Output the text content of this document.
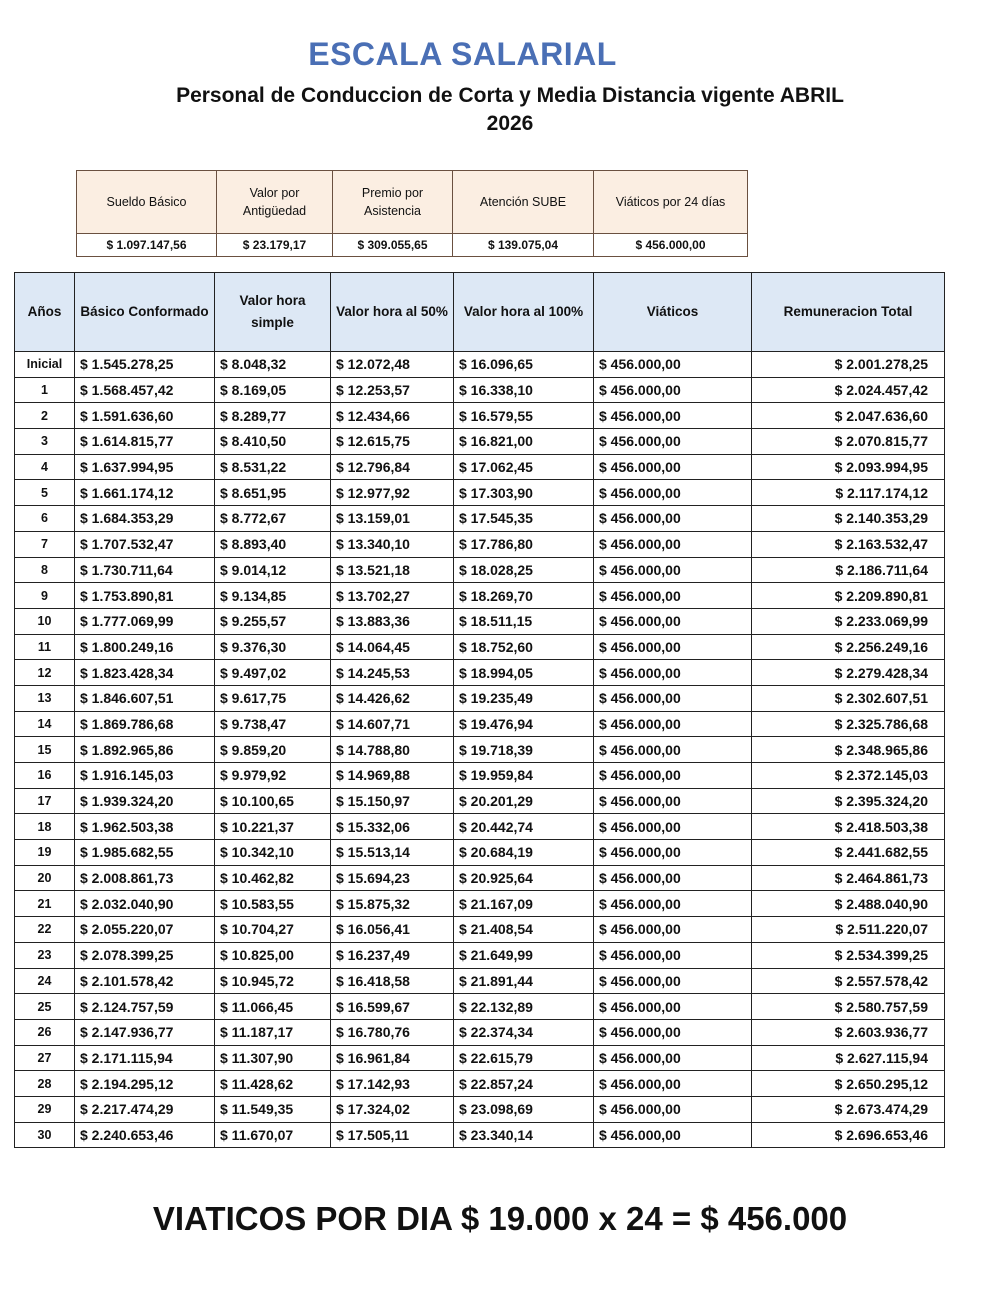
ESCALA SALARIAL
Personal de Conduccion de Corta y Media Distancia vigente ABRIL
2026
Sueldo Básico	Valor por Antigüedad	Premio por Asistencia	Atención SUBE	Viáticos por 24 días
$ 1.097.147,56	$ 23.179,17	$ 309.055,65	$ 139.075,04	$ 456.000,00
Años	Básico Conformado	Valor hora simple	Valor hora al 50%	Valor hora al 100%	Viáticos	Remuneracion Total
Inicial	$ 1.545.278,25	$ 8.048,32	$ 12.072,48	$ 16.096,65	$ 456.000,00	$ 2.001.278,25
1	$ 1.568.457,42	$ 8.169,05	$ 12.253,57	$ 16.338,10	$ 456.000,00	$ 2.024.457,42
2	$ 1.591.636,60	$ 8.289,77	$ 12.434,66	$ 16.579,55	$ 456.000,00	$ 2.047.636,60
3	$ 1.614.815,77	$ 8.410,50	$ 12.615,75	$ 16.821,00	$ 456.000,00	$ 2.070.815,77
4	$ 1.637.994,95	$ 8.531,22	$ 12.796,84	$ 17.062,45	$ 456.000,00	$ 2.093.994,95
5	$ 1.661.174,12	$ 8.651,95	$ 12.977,92	$ 17.303,90	$ 456.000,00	$ 2.117.174,12
6	$ 1.684.353,29	$ 8.772,67	$ 13.159,01	$ 17.545,35	$ 456.000,00	$ 2.140.353,29
7	$ 1.707.532,47	$ 8.893,40	$ 13.340,10	$ 17.786,80	$ 456.000,00	$ 2.163.532,47
8	$ 1.730.711,64	$ 9.014,12	$ 13.521,18	$ 18.028,25	$ 456.000,00	$ 2.186.711,64
9	$ 1.753.890,81	$ 9.134,85	$ 13.702,27	$ 18.269,70	$ 456.000,00	$ 2.209.890,81
10	$ 1.777.069,99	$ 9.255,57	$ 13.883,36	$ 18.511,15	$ 456.000,00	$ 2.233.069,99
11	$ 1.800.249,16	$ 9.376,30	$ 14.064,45	$ 18.752,60	$ 456.000,00	$ 2.256.249,16
12	$ 1.823.428,34	$ 9.497,02	$ 14.245,53	$ 18.994,05	$ 456.000,00	$ 2.279.428,34
13	$ 1.846.607,51	$ 9.617,75	$ 14.426,62	$ 19.235,49	$ 456.000,00	$ 2.302.607,51
14	$ 1.869.786,68	$ 9.738,47	$ 14.607,71	$ 19.476,94	$ 456.000,00	$ 2.325.786,68
15	$ 1.892.965,86	$ 9.859,20	$ 14.788,80	$ 19.718,39	$ 456.000,00	$ 2.348.965,86
16	$ 1.916.145,03	$ 9.979,92	$ 14.969,88	$ 19.959,84	$ 456.000,00	$ 2.372.145,03
17	$ 1.939.324,20	$ 10.100,65	$ 15.150,97	$ 20.201,29	$ 456.000,00	$ 2.395.324,20
18	$ 1.962.503,38	$ 10.221,37	$ 15.332,06	$ 20.442,74	$ 456.000,00	$ 2.418.503,38
19	$ 1.985.682,55	$ 10.342,10	$ 15.513,14	$ 20.684,19	$ 456.000,00	$ 2.441.682,55
20	$ 2.008.861,73	$ 10.462,82	$ 15.694,23	$ 20.925,64	$ 456.000,00	$ 2.464.861,73
21	$ 2.032.040,90	$ 10.583,55	$ 15.875,32	$ 21.167,09	$ 456.000,00	$ 2.488.040,90
22	$ 2.055.220,07	$ 10.704,27	$ 16.056,41	$ 21.408,54	$ 456.000,00	$ 2.511.220,07
23	$ 2.078.399,25	$ 10.825,00	$ 16.237,49	$ 21.649,99	$ 456.000,00	$ 2.534.399,25
24	$ 2.101.578,42	$ 10.945,72	$ 16.418,58	$ 21.891,44	$ 456.000,00	$ 2.557.578,42
25	$ 2.124.757,59	$ 11.066,45	$ 16.599,67	$ 22.132,89	$ 456.000,00	$ 2.580.757,59
26	$ 2.147.936,77	$ 11.187,17	$ 16.780,76	$ 22.374,34	$ 456.000,00	$ 2.603.936,77
27	$ 2.171.115,94	$ 11.307,90	$ 16.961,84	$ 22.615,79	$ 456.000,00	$ 2.627.115,94
28	$ 2.194.295,12	$ 11.428,62	$ 17.142,93	$ 22.857,24	$ 456.000,00	$ 2.650.295,12
29	$ 2.217.474,29	$ 11.549,35	$ 17.324,02	$ 23.098,69	$ 456.000,00	$ 2.673.474,29
30	$ 2.240.653,46	$ 11.670,07	$ 17.505,11	$ 23.340,14	$ 456.000,00	$ 2.696.653,46
VIATICOS POR DIA $ 19.000 x 24 = $ 456.000
